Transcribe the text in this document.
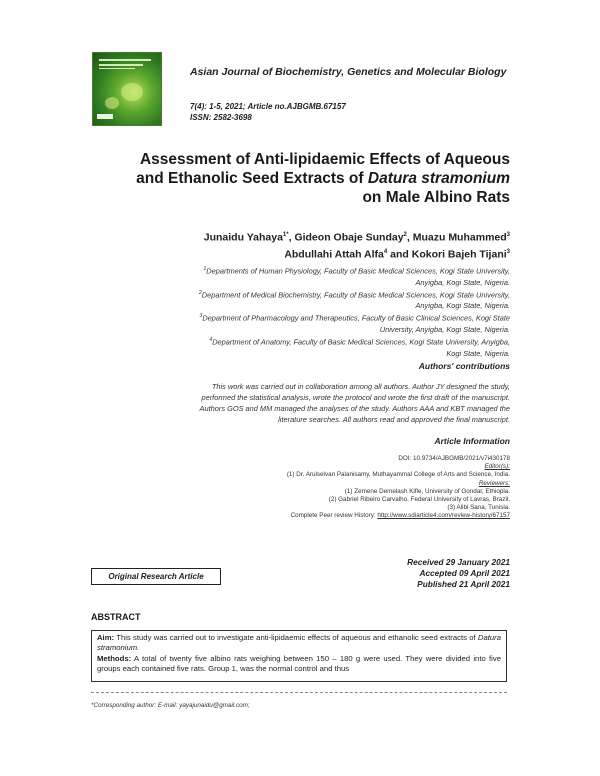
Asian Journal of Biochemistry, Genetics and Molecular Biology
7(4): 1-5, 2021; Article no.AJBGMB.67157
ISSN: 2582-3698
Assessment of Anti-lipidaemic Effects of Aqueous
and Ethanolic Seed Extracts of Datura stramonium
on Male Albino Rats
Junaidu Yahaya$^{1*}$, Gideon Obaje Sunday$^2$, Muazu Muhammed$^3$
Abdullahi Attah Alfa$^4$ and Kokori Bajeh Tijani$^3$
$^1$Departments of Human Physiology, Faculty of Basic Medical Sciences, Kogi State University,
Anyigba, Kogi State, Nigeria.
$^2$Department of Medical Biochemistry, Faculty of Basic Medical Sciences, Kogi State University,
Anyigba, Kogi State, Nigeria.
$^3$Department of Pharmacology and Therapeutics, Faculty of Basic Clinical Sciences, Kogi State
University, Anyigba, Kogi State, Nigeria.
$^4$Department of Anatomy, Faculty of Basic Medical Sciences, Kogi State University, Anyigba,
Kogi State, Nigeria.
Authors' contributions
This work was carried out in collaboration among all authors. Author JY designed the study,
performed the statistical analysis, wrote the protocol and wrote the first draft of the manuscript.
Authors GOS and MM managed the analyses of the study. Authors AAA and KBT managed the
literature searches. All authors read and approved the final manuscript.
Article Information
DOI: 10.9734/AJBGMB/2021/v7i430178
Editor(s):
(1) Dr. Arulselvan Palanisamy, Muthayammal College of Arts and Science, India.
Reviewers:
(1) Zemene Demelash Kifle, University of Gondar, Ethiopia.
(2) Gabriel Ribeiro Carvalho, Federal University of Lavras, Brazil.
(3) Alibi Sana, Tunisia.
Complete Peer review History: http://www.sdiarticle4.com/review-history/67157
Original Research Article
Received 29 January 2021
Accepted 09 April 2021
Published 21 April 2021
ABSTRACT
Aim: This study was carried out to investigate anti-lipidaemic effects of aqueous and ethanolic seed extracts of Datura stramonium.
Methods: A total of twenty five albino rats weighing between 150 – 180 g were used. They were divided into five groups each contained five rats. Group 1, was the normal control and thus
*Corresponding author: E-mail: yayajunaidu@gmail.com;
